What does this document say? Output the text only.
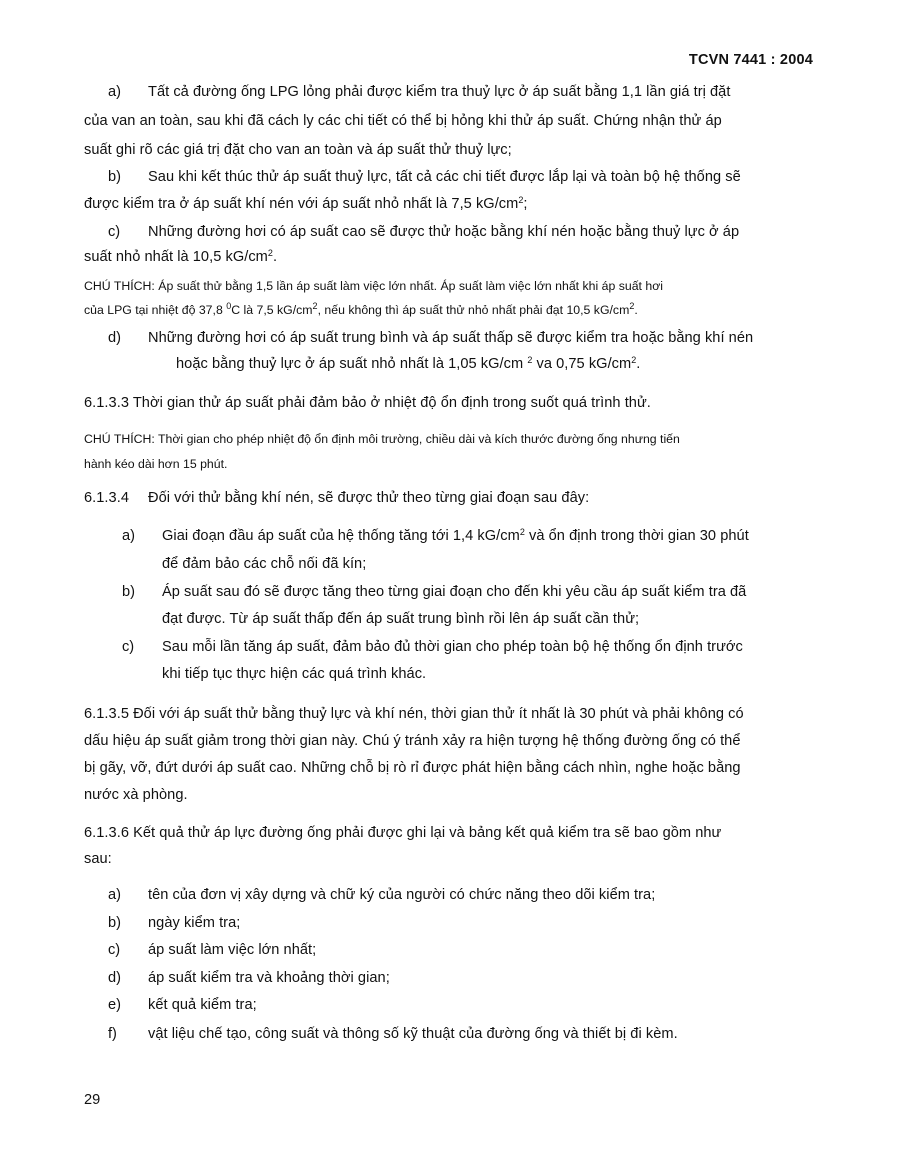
TCVN 7441 : 2004
a) Tất cả đường ống LPG lỏng phải được kiểm tra thuỷ lực ở áp suất bằng 1,1 lần giá trị đặt
của van an toàn, sau khi đã cách ly các chi tiết có thể bị hỏng khi thử áp suất. Chứng nhận thử áp
suất ghi rõ các giá trị đặt cho van an toàn và áp suất thử thuỷ lực;
b) Sau khi kết thúc thử áp suất thuỷ lực, tất cả các chi tiết được lắp lại và toàn bộ hệ thống sẽ
được kiểm tra ở áp suất khí nén với áp suất nhỏ nhất là 7,5 $kG/cm^2$;
c) Những đường hơi có áp suất cao sẽ được thử hoặc bằng khí nén hoặc bằng thuỷ lực ở áp
suất nhỏ nhất là 10,5 $kG/cm^2$.
CHÚ THÍCH: Áp suất thử bằng 1,5 lần áp suất làm việc lớn nhất. Áp suất làm việc lớn nhất khi áp suất hơi
của LPG tại nhiệt độ 37,8 $^0$C là 7,5 $kG/cm^2$, nếu không thì áp suất thử nhỏ nhất phải đạt 10,5 $kG/cm^2$.
d) Những đường hơi có áp suất trung bình và áp suất thấp sẽ được kiểm tra hoặc bằng khí nén
hoặc bằng thuỷ lực ở áp suất nhỏ nhất là 1,05 kG/cm $^2$ va 0,75 $kG/cm^2$.
6.1.3.3 Thời gian thử áp suất phải đảm bảo ở nhiệt độ ổn định trong suốt quá trình thử.
CHÚ THÍCH: Thời gian cho phép nhiệt độ ổn định môi trường, chiều dài và kích thước đường ống nhưng tiến
hành kéo dài hơn 15 phút.
6.1.3.4 Đối với thử bằng khí nén, sẽ được thử theo từng giai đoạn sau đây:
a) Giai đoạn đầu áp suất của hệ thống tăng tới 1,4 $kG/cm^2$ và ổn định trong thời gian 30 phút
để đảm bảo các chỗ nối đã kín;
b) Áp suất sau đó sẽ được tăng theo từng giai đoạn cho đến khi yêu cầu áp suất kiểm tra đã
đạt được. Từ áp suất thấp đến áp suất trung bình rồi lên áp suất cần thử;
c) Sau mỗi lần tăng áp suất, đảm bảo đủ thời gian cho phép toàn bộ hệ thống ổn định trước
khi tiếp tục thực hiện các quá trình khác.
6.1.3.5 Đối với áp suất thử bằng thuỷ lực và khí nén, thời gian thử ít nhất là 30 phút và phải không có
dấu hiệu áp suất giảm trong thời gian này. Chú ý tránh xảy ra hiện tượng hệ thống đường ống có thể
bị gãy, vỡ, đứt dưới áp suất cao. Những chỗ bị rò rỉ được phát hiện bằng cách nhìn, nghe hoặc bằng
nước xà phòng.
6.1.3.6 Kết quả thử áp lực đường ống phải được ghi lại và bảng kết quả kiểm tra sẽ bao gồm như
sau:
a) tên của đơn vị xây dựng và chữ ký của người có chức năng theo dõi kiểm tra;
b) ngày kiểm tra;
c) áp suất làm việc lớn nhất;
d) áp suất kiểm tra và khoảng thời gian;
e) kết quả kiểm tra;
f) vật liệu chế tạo, công suất và thông số kỹ thuật của đường ống và thiết bị đi kèm.
29
